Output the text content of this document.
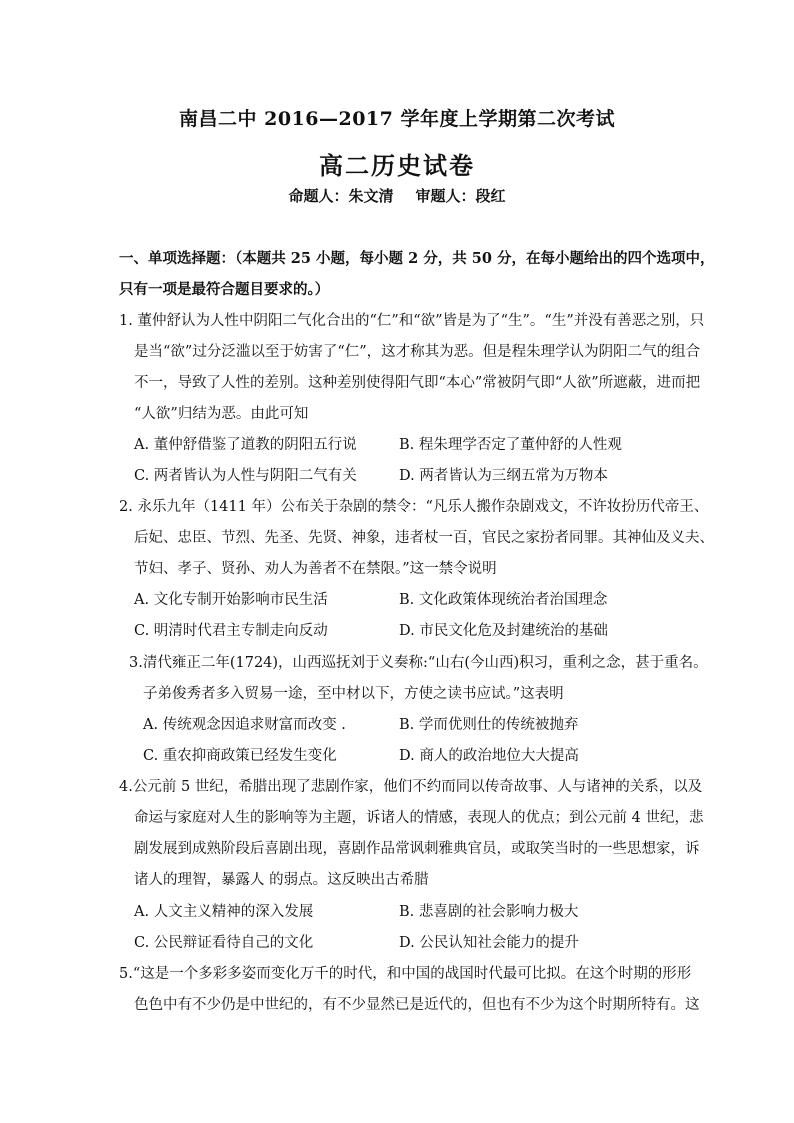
南昌二中 2016—2017 学年度上学期第二次考试
高二历史试卷
命题人：朱文清 审题人：段红
一、单项选择题：（本题共 25 小题，每小题 2 分，共 50 分，在每小题给出的四个选项中，
只有一项是最符合题目要求的。）
1. 董仲舒认为人性中阴阳二气化合出的“仁”和“欲”皆是为了“生”。“生”并没有善恶之别，只
是当“欲”过分泛滥以至于妨害了“仁”，这才称其为恶。但是程朱理学认为阴阳二气的组合
不一，导致了人性的差别。这种差别使得阳气即“本心”常被阴气即“人欲”所遮蔽，进而把
“人欲”归结为恶。由此可知
A. 董仲舒借鉴了道教的阴阳五行说	B. 程朱理学否定了董仲舒的人性观
C. 两者皆认为人性与阴阳二气有关	D. 两者皆认为三纲五常为万物本
2. 永乐九年（1411 年）公布关于杂剧的禁令：“凡乐人搬作杂剧戏文，不许妆扮历代帝王、
后妃、忠臣、节烈、先圣、先贤、神象，违者杖一百，官民之家扮者同罪。其神仙及义夫、
节妇、孝子、贤孙、劝人为善者不在禁限。”这一禁令说明
A. 文化专制开始影响市民生活	B. 文化政策体现统治者治国理念
C. 明清时代君主专制走向反动	D. 市民文化危及封建统治的基础
3.清代雍正二年(1724)，山西巡抚刘于义奏称:“山右(今山西)积习，重利之念，甚于重名。
子弟俊秀者多入贸易一途，至中材以下，方使之读书应试。”这表明
A. 传统观念因追求财富而改变 .	B. 学而优则仕的传统被抛弃
C. 重农抑商政策已经发生变化	D. 商人的政治地位大大提高
4.公元前 5 世纪，希腊出现了悲剧作家，他们不约而同以传奇故事、人与诸神的关系，以及
命运与家庭对人生的影响等为主题，诉诸人的情感，表现人的优点；到公元前 4 世纪，悲
剧发展到成熟阶段后喜剧出现，喜剧作品常讽刺雅典官员，或取笑当时的一些思想家，诉
诸人的理智，暴露人 的弱点。这反映出古希腊
A. 人文主义精神的深入发展	B. 悲喜剧的社会影响力极大
C. 公民辩证看待自己的文化	D. 公民认知社会能力的提升
5.“这是一个多彩多姿而变化万千的时代，和中国的战国时代最可比拟。在这个时期的形形
色色中有不少仍是中世纪的，有不少显然已是近代的，但也有不少为这个时期所特有。这
